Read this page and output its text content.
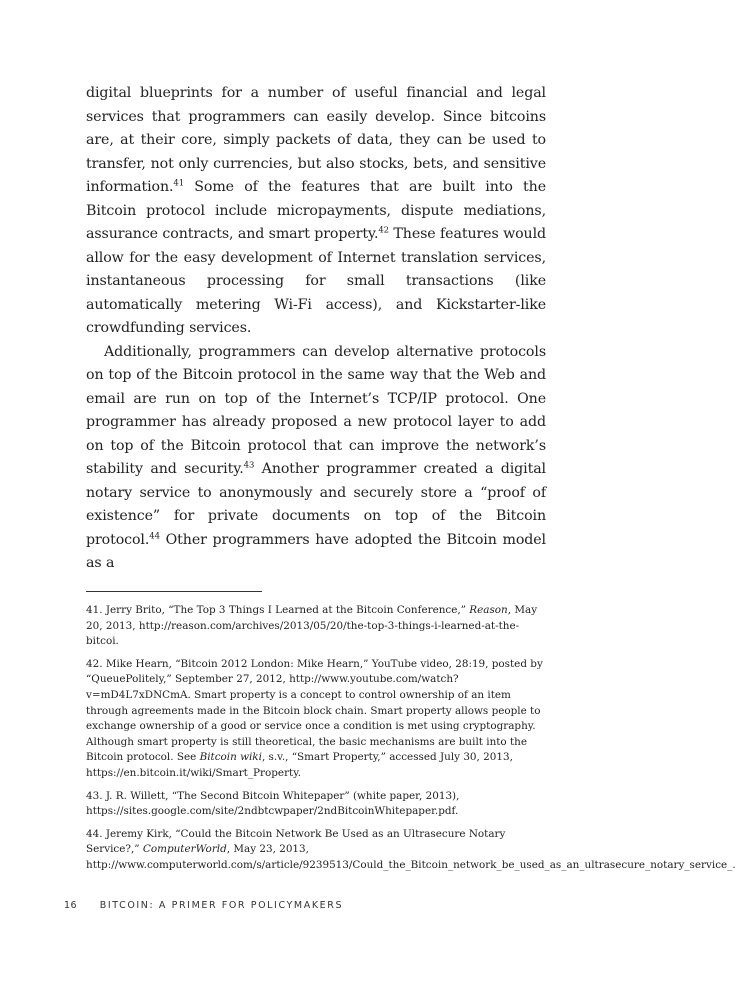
digital blueprints for a number of useful financial and legal services that programmers can easily develop. Since bitcoins are, at their core, simply packets of data, they can be used to transfer, not only currencies, but also stocks, bets, and sensitive information.$^{41}$ Some of the features that are built into the Bitcoin protocol include micropayments, dispute mediations, assurance contracts, and smart property.$^{42}$ These features would allow for the easy development of Internet translation services, instantaneous processing for small transactions (like automatically metering Wi-Fi access), and Kickstarter-like crowdfunding services.

Additionally, programmers can develop alternative protocols on top of the Bitcoin protocol in the same way that the Web and email are run on top of the Internet’s TCP/IP protocol. One programmer has already proposed a new protocol layer to add on top of the Bitcoin protocol that can improve the network’s stability and security.$^{43}$ Another programmer created a digital notary service to anonymously and securely store a “proof of existence” for private documents on top of the Bitcoin protocol.$^{44}$ Other programmers have adopted the Bitcoin model as a

41. Jerry Brito, “The Top 3 Things I Learned at the Bitcoin Conference,” Reason, May 20, 2013, http://reason.com/archives/2013/05/20/the-top-3-things-i-learned-at-the-bitcoi.

42. Mike Hearn, “Bitcoin 2012 London: Mike Hearn,” YouTube video, 28:19, posted by “QueuePolitely,” September 27, 2012, http://www.youtube.com/watch?v=mD4L7xDNCmA. Smart property is a concept to control ownership of an item through agreements made in the Bitcoin block chain. Smart property allows people to exchange ownership of a good or service once a condition is met using cryptography. Although smart property is still theoretical, the basic mechanisms are built into the Bitcoin protocol. See Bitcoin wiki, s.v., “Smart Property,” accessed July 30, 2013, https://en.bitcoin.it/wiki/Smart_Property.

43. J. R. Willett, “The Second Bitcoin Whitepaper” (white paper, 2013), https://sites.google.com/site/2ndbtcwpaper/2ndBitcoinWhitepaper.pdf.

44. Jeremy Kirk, “Could the Bitcoin Network Be Used as an Ultrasecure Notary Service?,” ComputerWorld, May 23, 2013, http://www.computerworld.com/s/article/9239513/Could_the_Bitcoin_network_be_used_as_an_ultrasecure_notary_service_.

16 BITCOIN: A PRIMER FOR POLICYMAKERS
